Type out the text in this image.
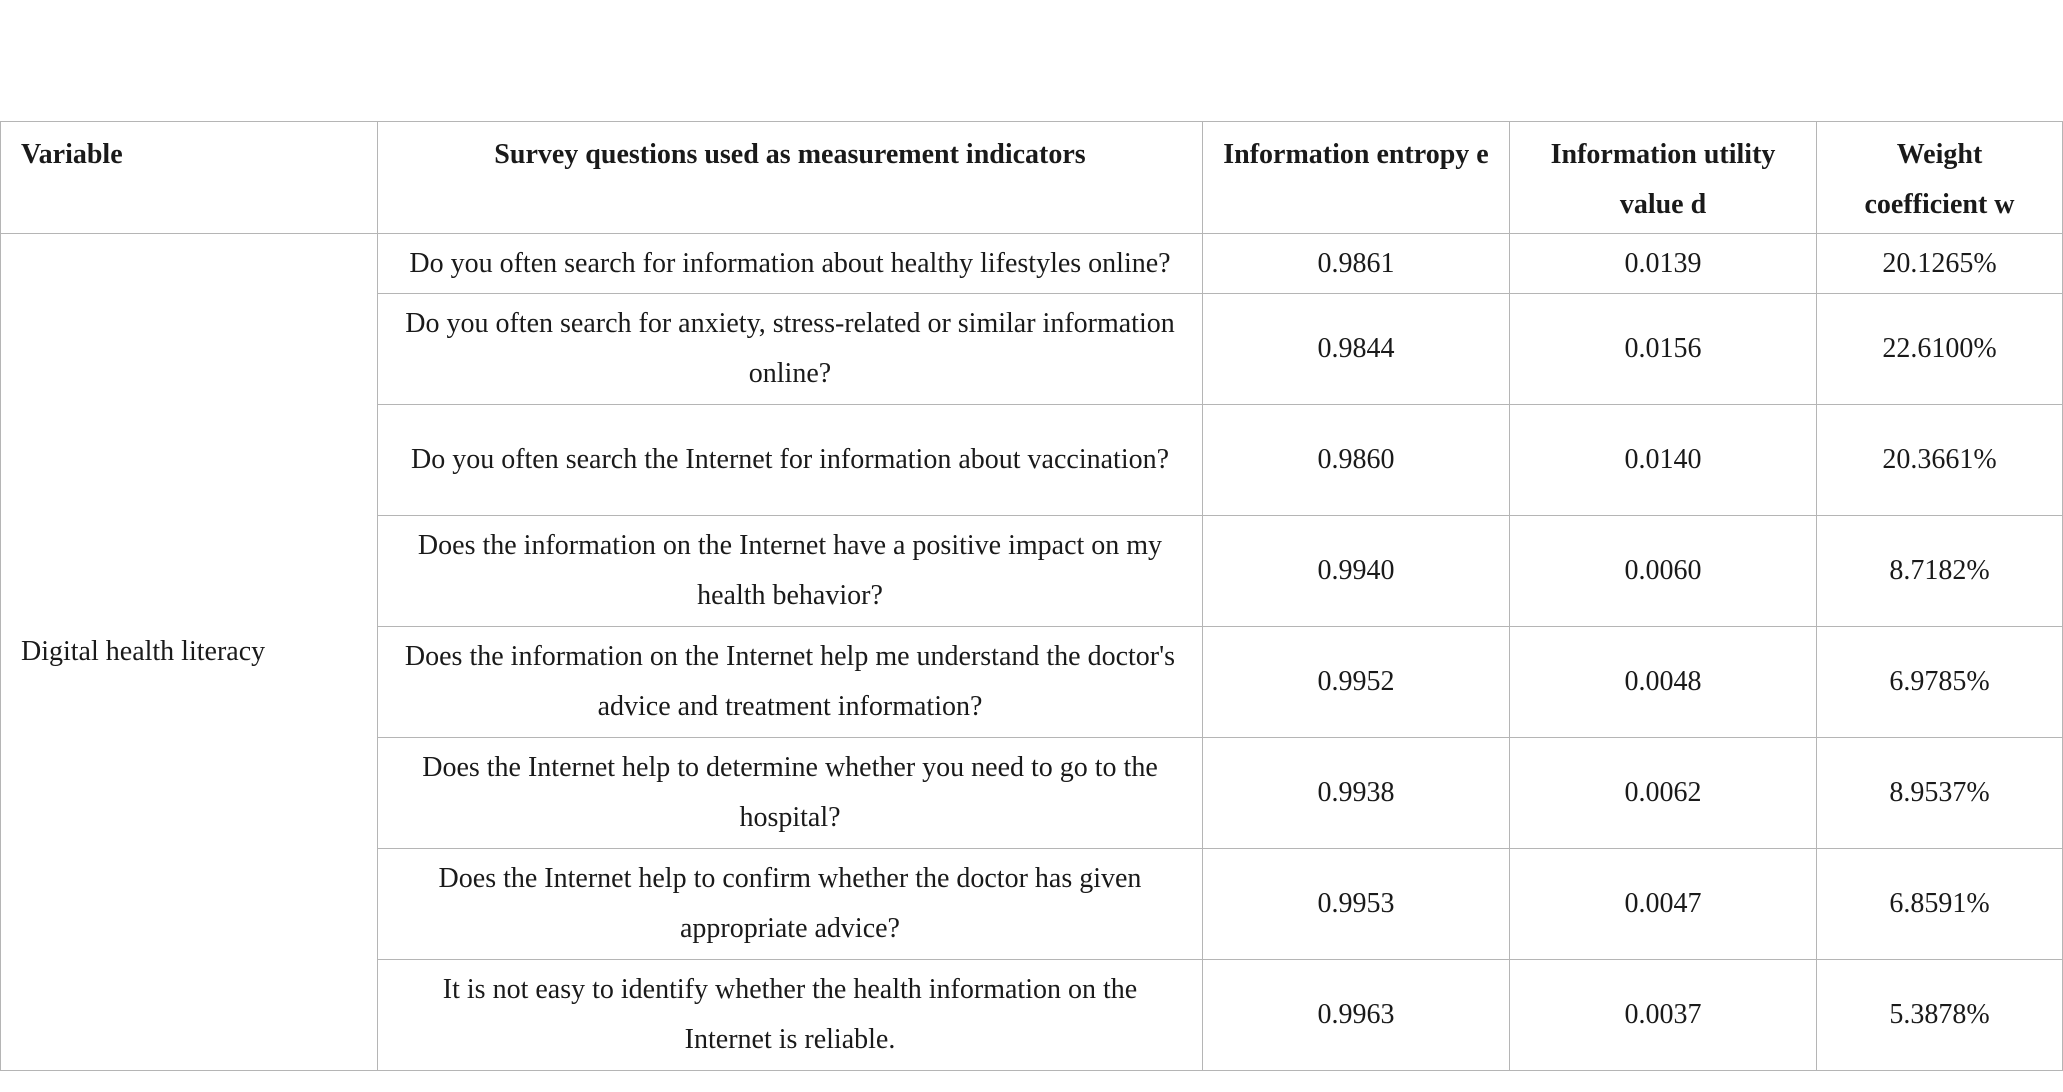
Variable	Survey questions used as measurement indicators	Information entropy e	Information utility value d	Weight coefficient w
Digital health literacy	Do you often search for information about healthy lifestyles online?	0.9861	0.0139	20.1265%
	Do you often search for anxiety, stress-related or similar information online?	0.9844	0.0156	22.6100%
	Do you often search the Internet for information about vaccination?	0.9860	0.0140	20.3661%
	Does the information on the Internet have a positive impact on my health behavior?	0.9940	0.0060	8.7182%
	Does the information on the Internet help me understand the doctor's advice and treatment information?	0.9952	0.0048	6.9785%
	Does the Internet help to determine whether you need to go to the hospital?	0.9938	0.0062	8.9537%
	Does the Internet help to confirm whether the doctor has given appropriate advice?	0.9953	0.0047	6.8591%
	It is not easy to identify whether the health information on the Internet is reliable.	0.9963	0.0037	5.3878%
